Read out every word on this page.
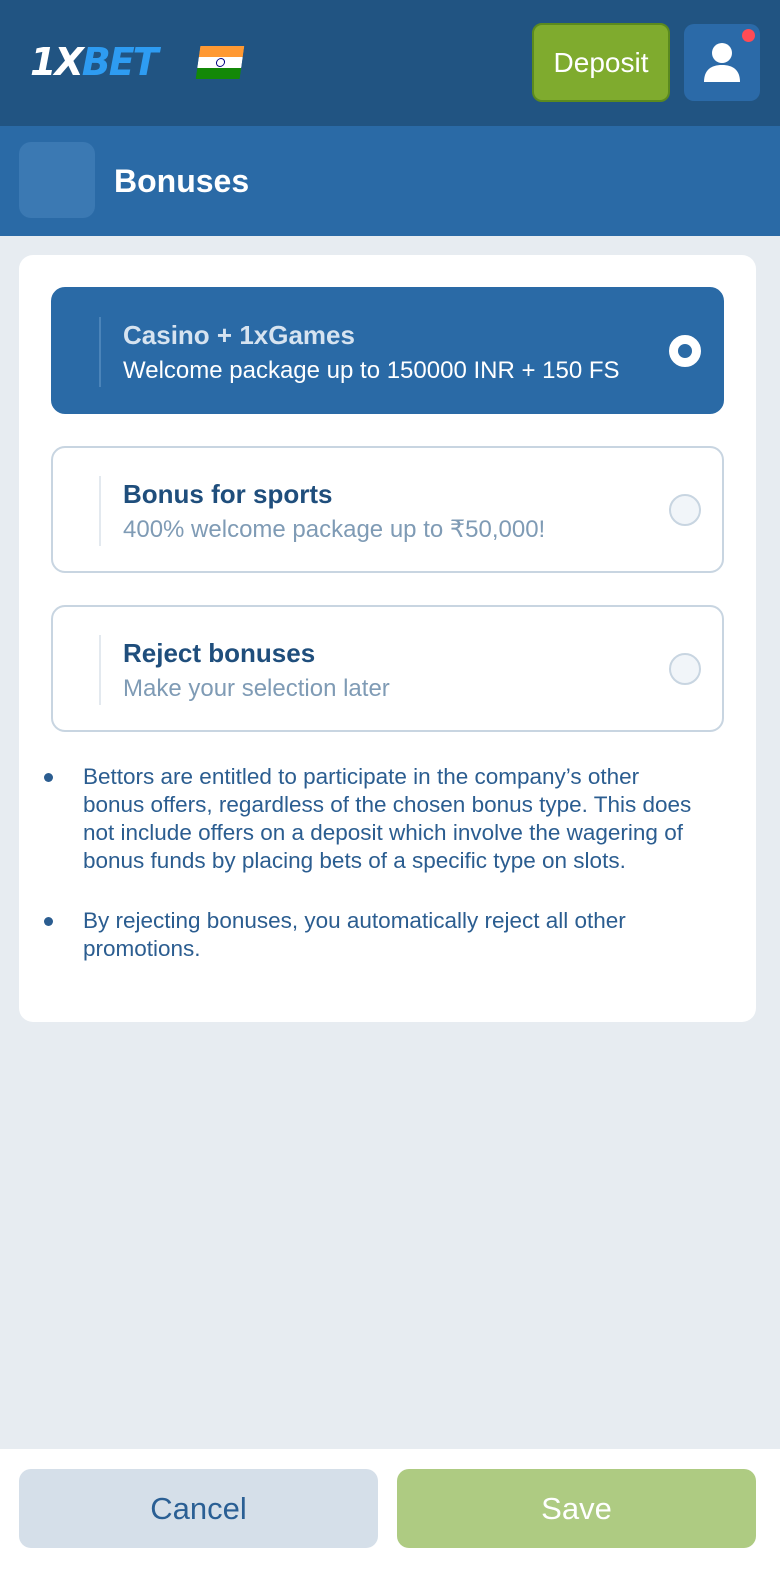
1XBET	Deposit
Bonuses
Casino + 1xGames
Welcome package up to 150000 INR + 150 FS
Bonus for sports
400% welcome package up to ₹50,000!
Reject bonuses
Make your selection later
Bettors are entitled to participate in the company’s other bonus offers, regardless of the chosen bonus type. This does not include offers on a deposit which involve the wagering of bonus funds by placing bets of a specific type on slots.
By rejecting bonuses, you automatically reject all other promotions.
Cancel	Save
